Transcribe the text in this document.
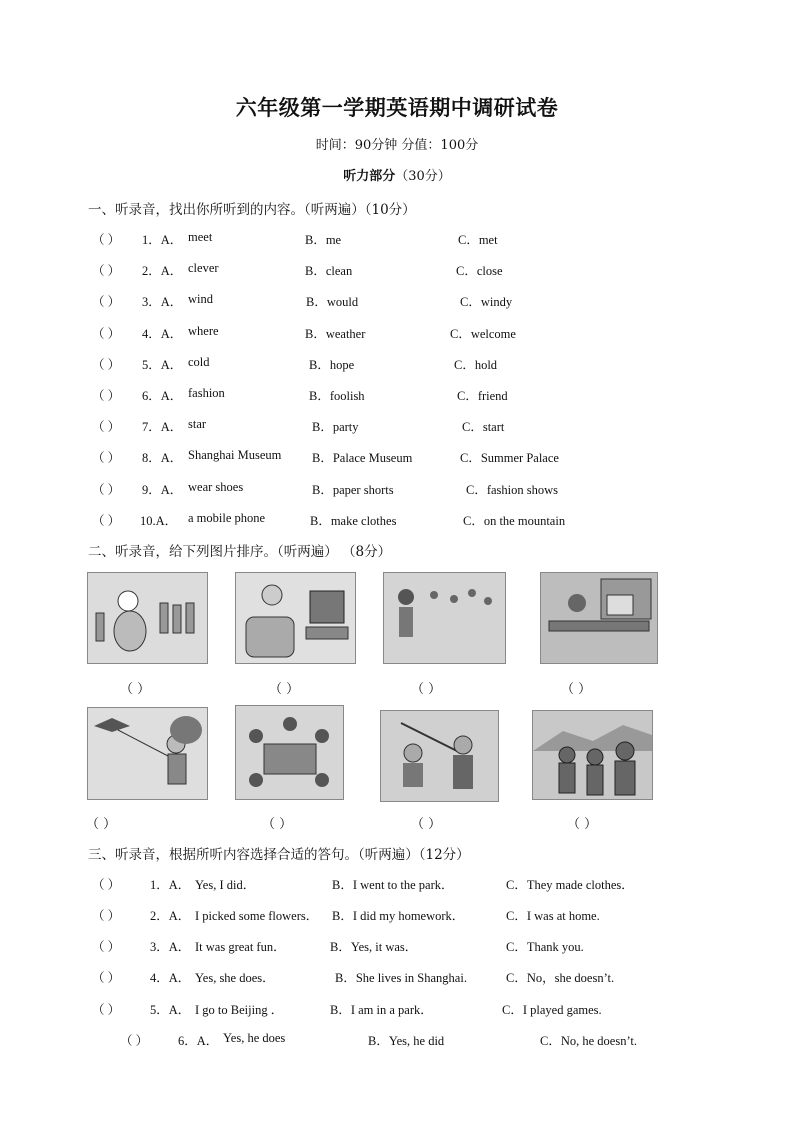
六年级第一学期英语期中调研试卷
时间：90分钟 分值：100分
听力部分（30分）
一、听录音，找出你所听到的内容。（听两遍）（10分）
（ ） 1．A． meet	B．me	C．met
（ ） 2．A． clever	B．clean	C．close
（ ） 3．A． wind	B．would	C．windy
（ ） 4．A． where	B．weather	C．welcome
（ ） 5．A． cold	B．hope	C．hold
（ ） 6．A． fashion	B．foolish	C．friend
（ ） 7．A． star	B．party	C．start
（ ） 8．A． Shanghai Museum B．Palace Museum	C．Summer Palace
（ ） 9．A． wear shoes	B．paper shorts	C．fashion shows
（ ） 10.A． a mobile phone	B．make clothes	C．on the mountain
二、听录音，给下列图片排序。（听两遍） （8分）
（ ）	（ ）	（ ）	（ ）
（ ）	（ ）	（ ）	（ ）
三、听录音，根据所听内容选择合适的答句。（听两遍）（12分）
（ ） 1．A． Yes, I did．	B．I went to the park．	C．They made clothes．
（ ） 2．A． I picked some flowers． B．I did my homework．	C．I was at home.
（ ） 3．A． It was great fun．	B．Yes, it was．	C．Thank you.
（ ） 4．A． Yes, she does．	B．She lives in Shanghai.	C．No，she doesn’t.
（ ） 5．A． I go to Beijing ．	B．I am in a park．	C．I played games.
（ ） 6．A． Yes, he does	B．Yes, he did	C．No, he doesn’t.
